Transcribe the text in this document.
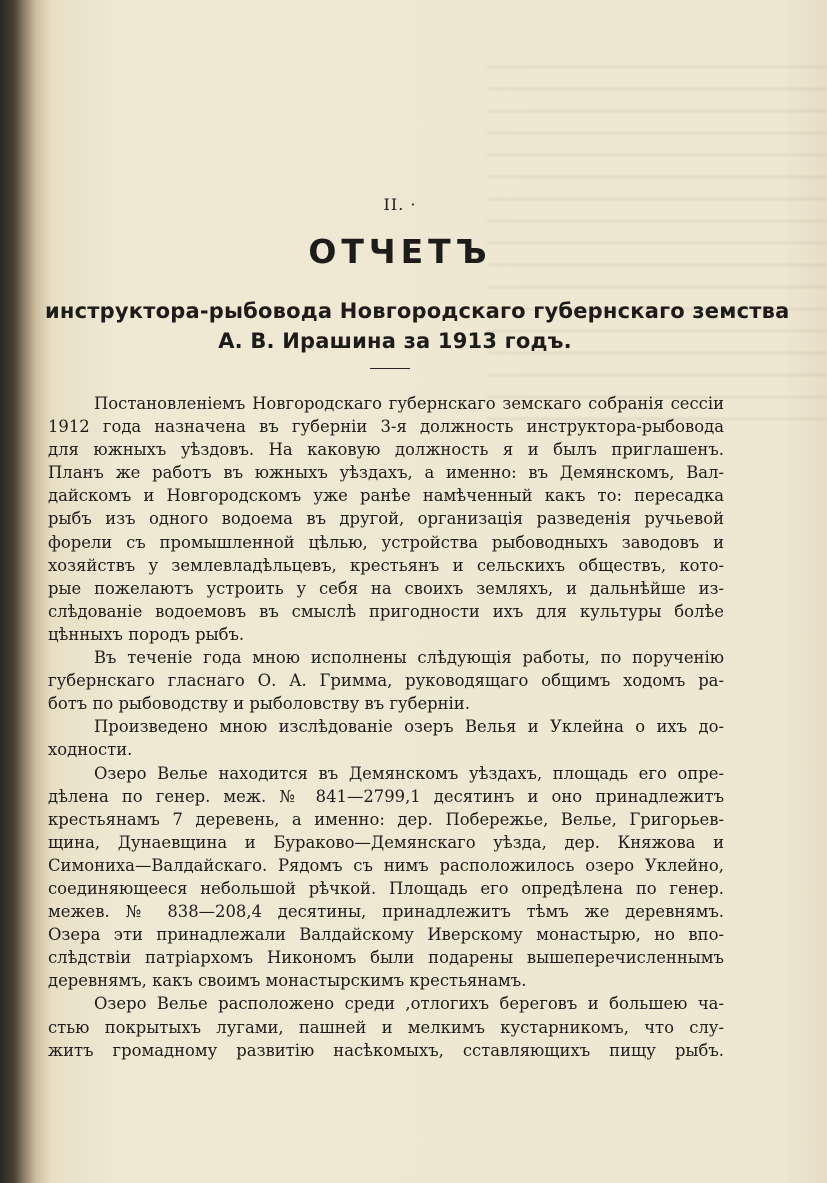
II. ·
ОТЧЕТЪ
инструктора-рыбовода Новгородскаго губернскаго земства
А. В. Ирашина за 1913 годъ.
Постановленіемъ Новгородскаго губернскаго земскаго собранія сессіи
1912 года назначена въ губерніи 3-я должность инструктора-рыбовода
для южныхъ уѣздовъ. На каковую должность я и былъ приглашенъ.
Планъ же работъ въ южныхъ уѣздахъ, а именно: въ Демянскомъ, Вал-
дайскомъ и Новгородскомъ уже ранѣе намѣченный какъ то: пересадка
рыбъ изъ одного водоема въ другой, организація разведенія ручьевой
форели съ промышленной цѣлью, устройства рыбоводныхъ заводовъ и
хозяйствъ у землевладѣльцевъ, крестьянъ и сельскихъ обществъ, кото-
рые пожелаютъ устроить у себя на своихъ земляхъ, и дальнѣйше из-
слѣдованіе водоемовъ въ смыслѣ пригодности ихъ для культуры болѣе
цѣнныхъ породъ рыбъ.
Въ теченіе года мною исполнены слѣдующія работы, по порученію
губернскаго гласнаго О. А. Гримма, руководящаго общимъ ходомъ ра-
ботъ по рыбоводству и рыболовству въ губерніи.
Произведено мною изслѣдованіе озеръ Велья и Уклейна о ихъ до-
ходности.
Озеро Велье находится въ Демянскомъ уѣздахъ, площадь его опре-
дѣлена по генер. меж. № 841—2799,1 десятинъ и оно принадлежитъ
крестьянамъ 7 деревень, а именно: дер. Побережье, Велье, Григорьев-
щина, Дунаевщина и Бураково—Демянскаго уѣзда, дер. Княжова и
Симониха—Валдайскаго. Рядомъ съ нимъ расположилось озеро Уклейно,
соединяющееся небольшой рѣчкой. Площадь его опредѣлена по генер.
межев. № 838—208,4 десятины, принадлежитъ тѣмъ же деревнямъ.
Озера эти принадлежали Валдайскому Иверскому монастырю, но впо-
слѣдствіи патріархомъ Никономъ были подарены вышеперечисленнымъ
деревнямъ, какъ своимъ монастырскимъ крестьянамъ.
Озеро Велье расположено среди ,отлогихъ береговъ и большею ча-
стью покрытыхъ лугами, пашней и мелкимъ кустарникомъ, что слу-
житъ громадному развитію насѣкомыхъ, сставляющихъ пищу рыбъ.
